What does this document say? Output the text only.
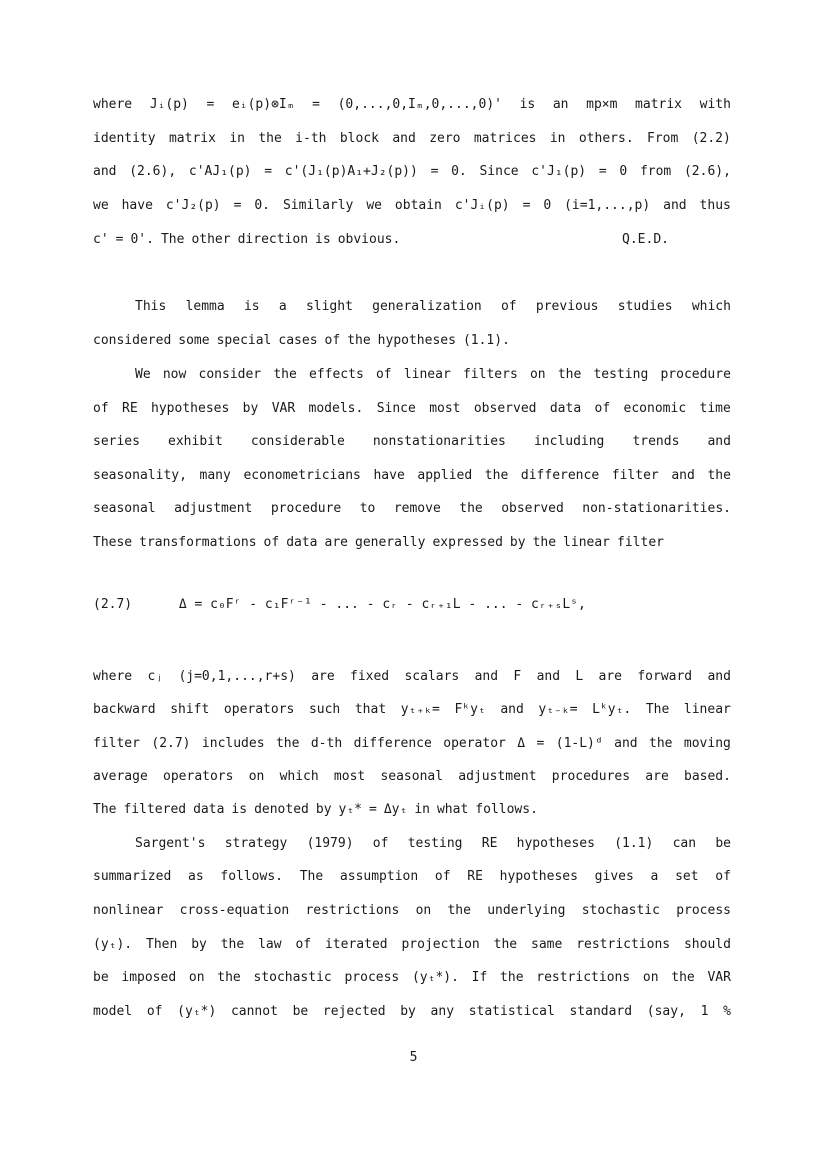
where Jᵢ(p) = eᵢ(p)⊗Iₘ = (0,...,0,Iₘ,0,...,0)' is an mp×m matrix with
identity matrix in the i-th block and zero matrices in others. From (2.2)
and (2.6), c'AJ₁(p) = c'(J₁(p)A₁+J₂(p)) = 0. Since c'J₁(p) = 0 from (2.6),
we have c'J₂(p) = 0. Similarly we obtain c'Jᵢ(p) = 0 (i=1,...,p) and thus
c' = 0'. The other direction is obvious.	Q.E.D.
This lemma is a slight generalization of previous studies which
considered some special cases of the hypotheses (1.1).
We now consider the effects of linear filters on the testing procedure
of RE hypotheses by VAR models. Since most observed data of economic time
series exhibit considerable nonstationarities including trends and
seasonality, many econometricians have applied the difference filter and the
seasonal adjustment procedure to remove the observed non-stationarities.
These transformations of data are generally expressed by the linear filter
where cⱼ (j=0,1,...,r+s) are fixed scalars and F and L are forward and
backward shift operators such that yₜ₊ₖ= Fᵏyₜ and yₜ₋ₖ= Lᵏyₜ. The linear
filter (2.7) includes the d-th difference operator Δ = (1-L)ᵈ and the moving
average operators on which most seasonal adjustment procedures are based.
The filtered data is denoted by yₜ* = Δyₜ in what follows.
Sargent's strategy (1979) of testing RE hypotheses (1.1) can be
summarized as follows. The assumption of RE hypotheses gives a set of
nonlinear cross-equation restrictions on the underlying stochastic process
(yₜ). Then by the law of iterated projection the same restrictions should
be imposed on the stochastic process (yₜ*). If the restrictions on the VAR
model of (yₜ*) cannot be rejected by any statistical standard (say, 1 %
(2.7)	Δ = c₀Fʳ - c₁Fʳ⁻¹ - ... - cᵣ - cᵣ₊₁L - ... - cᵣ₊ₛLˢ,
5
